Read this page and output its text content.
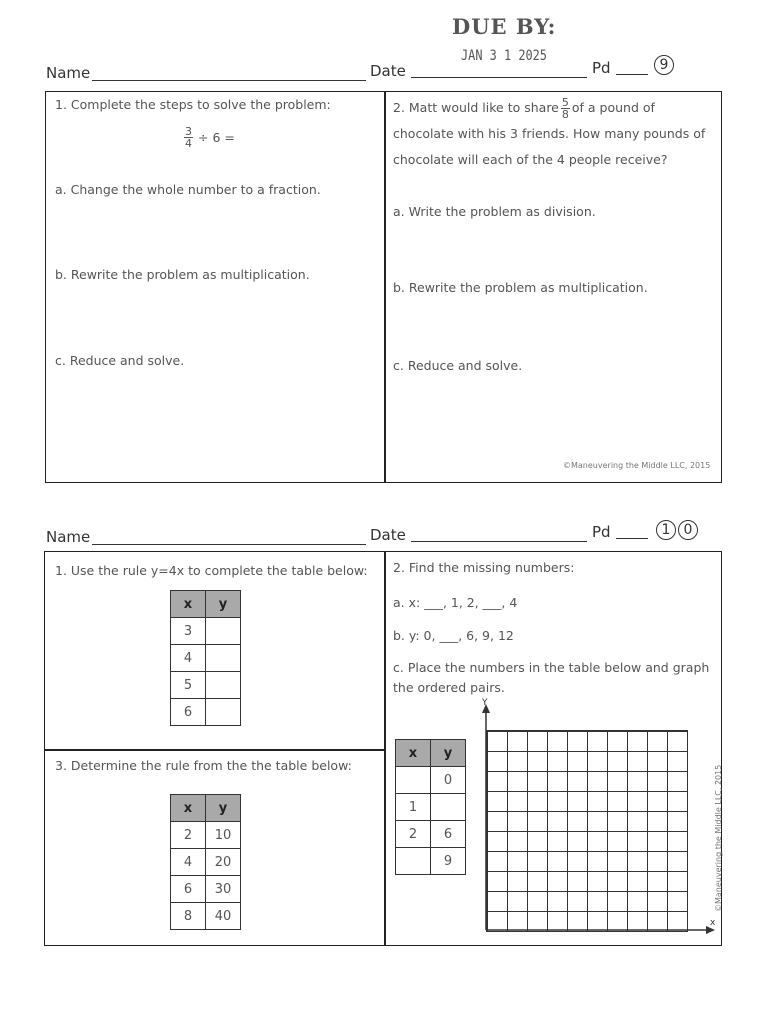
DUE BY:
JAN 3 1 2025
Name	Date	Pd	9
1. Complete the steps to solve the problem:
$\frac{3}{4} \div 6$ =
a. Change the whole number to a fraction.
b. Rewrite the problem as multiplication.
c. Reduce and solve.
2. Matt would like to share $\frac{5}{8}$ of a pound of
chocolate with his 3 friends. How many pounds of
chocolate will each of the 4 people receive?
a. Write the problem as division.
b. Rewrite the problem as multiplication.
c. Reduce and solve.
©Maneuvering the Middle LLC, 2015
Name	Date	Pd	1 0
1. Use the rule y=4x to complete the table below:
x	y
3	
4	
5	
6	
3. Determine the rule from the the table below:
x	y
2	10
4	20
6	30
8	40
2. Find the missing numbers:
a. x: ___, 1, 2, ___, 4
b. y: 0, ___, 6, 9, 12
c. Place the numbers in the table below and graph
the ordered pairs.
x	y
	0
1	
2	6
	9
Y
x
©Maneuvering the Middle LLC, 2015
